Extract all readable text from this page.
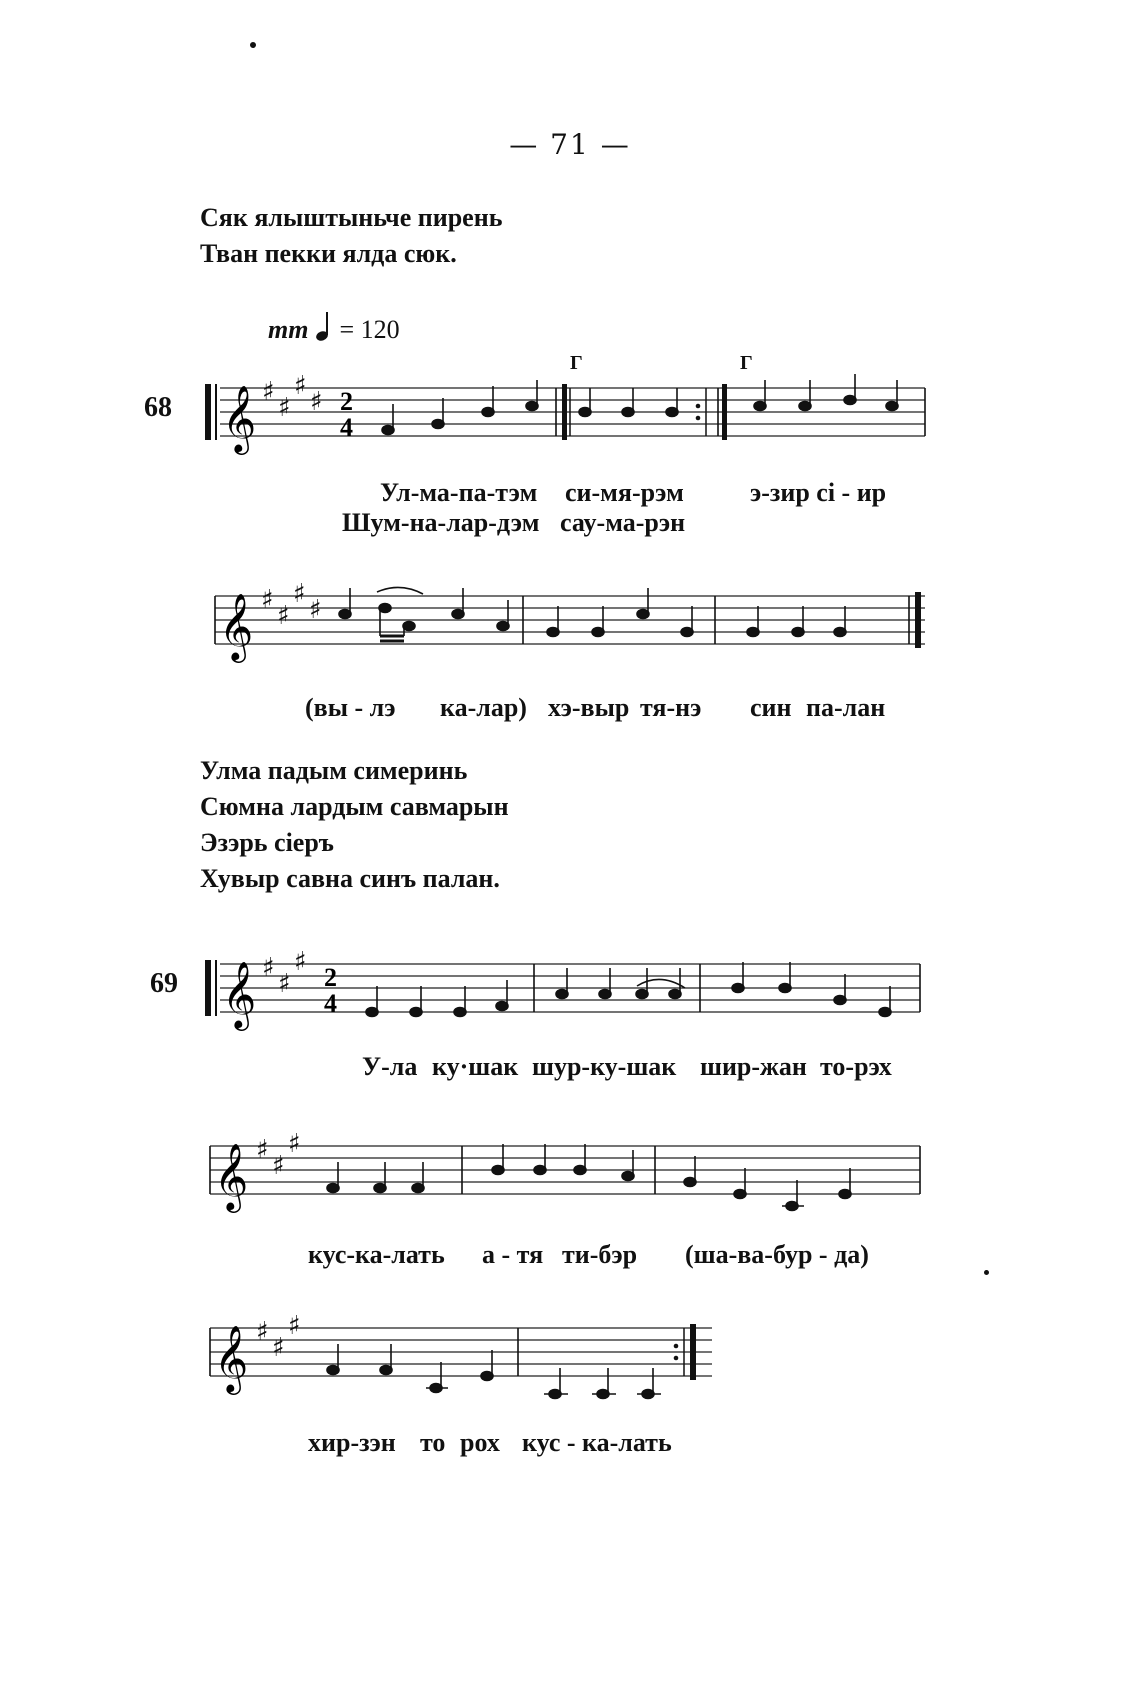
— 71 —
Сяк ялыштыньче пирень
Тван пекки ялда сюк.
mm = 120
68
Г	Г
𝄞 ♯
♯
♯
♯ 2
4
Ул-ма-па-тэм си-мя-рэм	э-зир сі - ир
Шум-на-лар-дэм сау-ма-рэн
𝄞 ♯
♯
♯
♯
(вы - лэ ка-лар) хэ-выр тя-нэ син па-лан
Улма падым симеринь
Сюмна лардым савмарын
Эзэрь сіеръ
Хувыр савна синъ палан.
69 𝄞 ♯
♯
♯
2
4
У-ла ку·шак шур-ку-шак шир-жан то-рэх
𝄞 ♯
♯
♯
кус-ка-лать а - тя ти-бэр (ша-ва-бур - да)
𝄞 ♯
♯
♯
хир-зэн то рох кус - ка-лать
